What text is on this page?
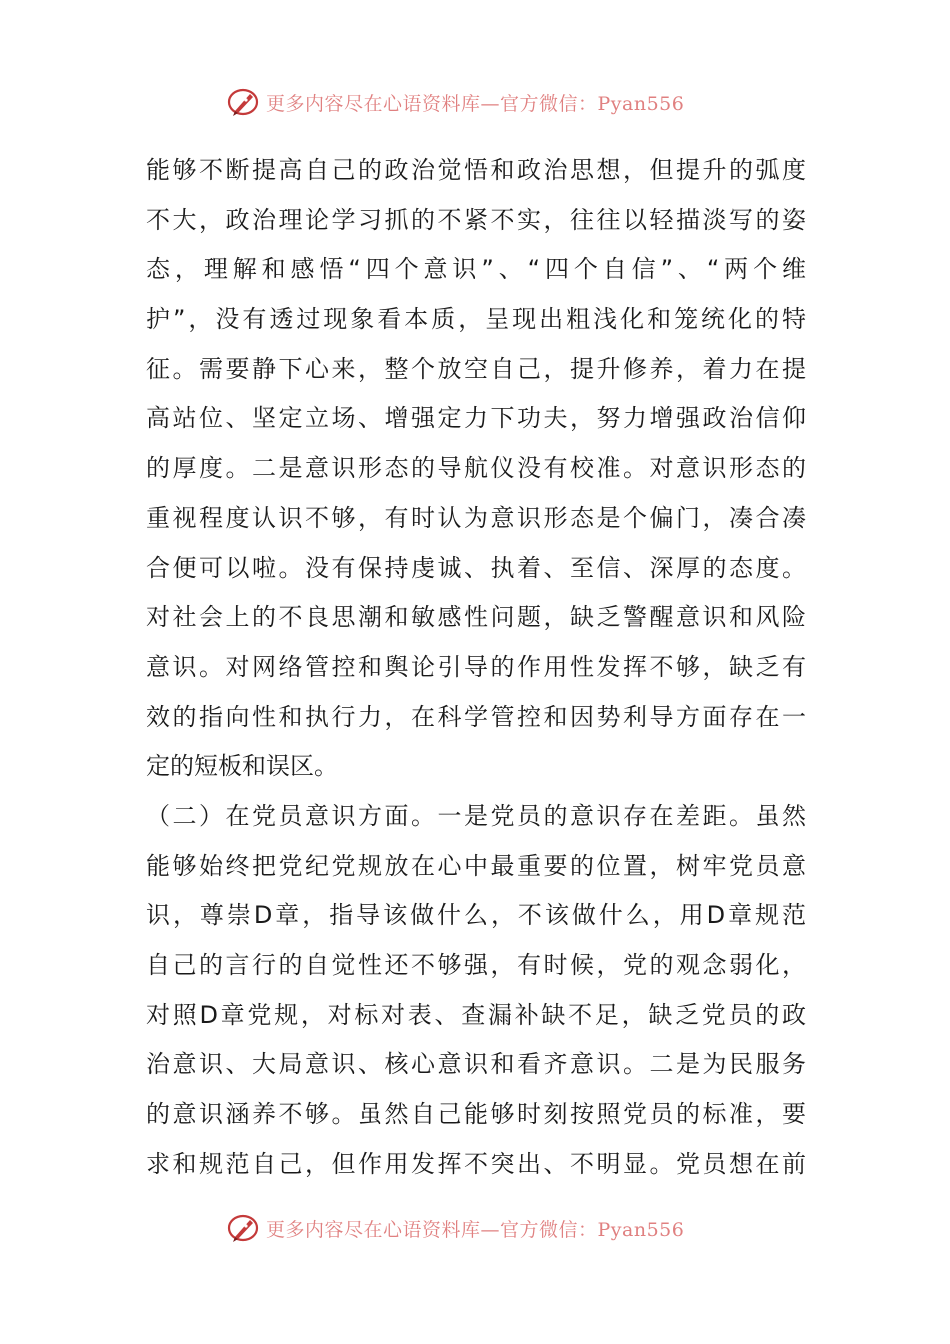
更多内容尽在心语资料库—官方微信：Pyan556
能够不断提高自己的政治觉悟和政治思想，但提升的弧度
不大，政治理论学习抓的不紧不实，往往以轻描淡写的姿
态，理解和感悟“四个意识”、“四个自信”、“两个维
护”，没有透过现象看本质，呈现出粗浅化和笼统化的特
征。需要静下心来，整个放空自己，提升修养，着力在提
高站位、坚定立场、增强定力下功夫，努力增强政治信仰
的厚度。二是意识形态的导航仪没有校准。对意识形态的
重视程度认识不够，有时认为意识形态是个偏门，凑合凑
合便可以啦。没有保持虔诚、执着、至信、深厚的态度。
对社会上的不良思潮和敏感性问题，缺乏警醒意识和风险
意识。对网络管控和舆论引导的作用性发挥不够，缺乏有
效的指向性和执行力，在科学管控和因势利导方面存在一
定的短板和误区。
（二）在党员意识方面。一是党员的意识存在差距。虽然
能够始终把党纪党规放在心中最重要的位置，树牢党员意
识，尊崇D章，指导该做什么，不该做什么，用D章规范
自己的言行的自觉性还不够强，有时候，党的观念弱化，
对照D章党规，对标对表、查漏补缺不足，缺乏党员的政
治意识、大局意识、核心意识和看齐意识。二是为民服务
的意识涵养不够。虽然自己能够时刻按照党员的标准，要
求和规范自己，但作用发挥不突出、不明显。党员想在前
更多内容尽在心语资料库—官方微信：Pyan556
